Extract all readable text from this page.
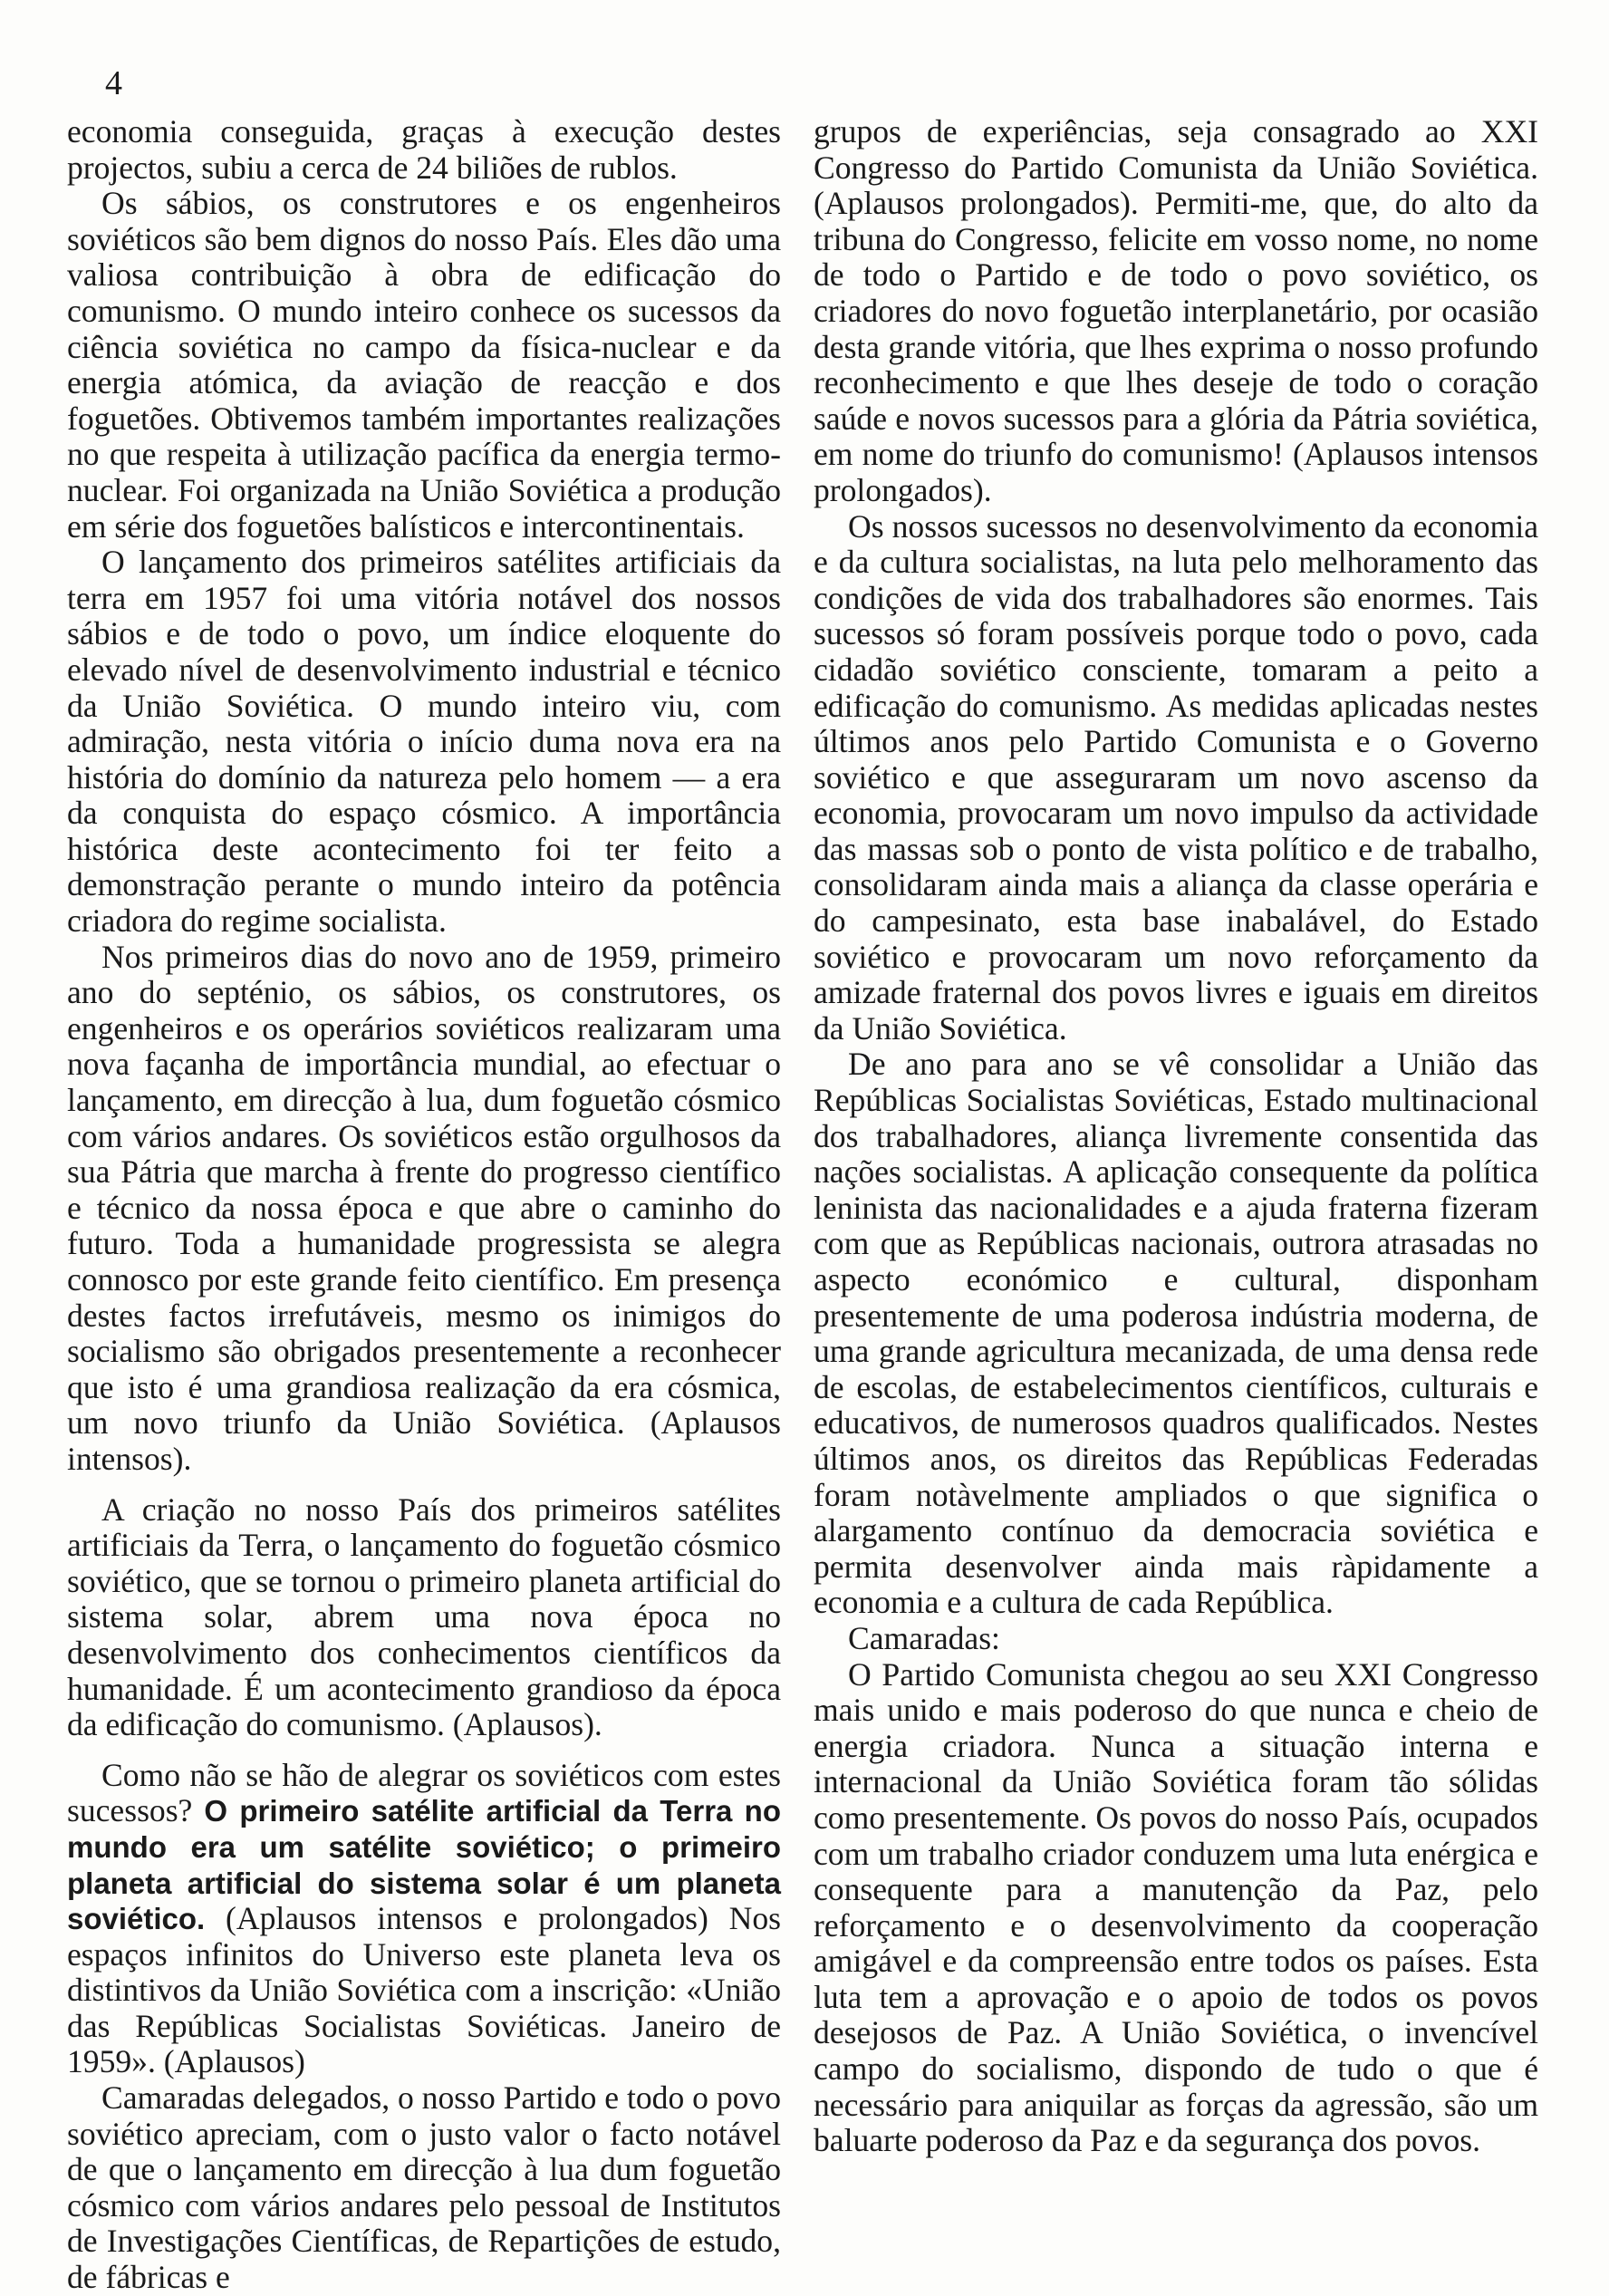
4

economia conseguida, graças à execução destes projectos, subiu a cerca de 24 biliões de rublos.

Os sábios, os construtores e os engenheiros soviéticos são bem dignos do nosso País. Eles dão uma valiosa contribuição à obra de edificação do comunismo. O mundo inteiro conhece os sucessos da ciência soviética no campo da física-nuclear e da energia atómica, da aviação de reacção e dos foguetões. Obtivemos também importantes realizações no que respeita à utilização pacífica da energia termo-nuclear. Foi organizada na União Soviética a produção em série dos foguetões balísticos e intercontinentais.

O lançamento dos primeiros satélites artificiais da terra em 1957 foi uma vitória notável dos nossos sábios e de todo o povo, um índice eloquente do elevado nível de desenvolvimento industrial e técnico da União Soviética. O mundo inteiro viu, com admiração, nesta vitória o início duma nova era na história do domínio da natureza pelo homem — a era da conquista do espaço cósmico. A importância histórica deste acontecimento foi ter feito a demonstração perante o mundo inteiro da potência criadora do regime socialista.

Nos primeiros dias do novo ano de 1959, primeiro ano do septénio, os sábios, os construtores, os engenheiros e os operários soviéticos realizaram uma nova façanha de importância mundial, ao efectuar o lançamento, em direcção à lua, dum foguetão cósmico com vários andares. Os soviéticos estão orgulhosos da sua Pátria que marcha à frente do progresso científico e técnico da nossa época e que abre o caminho do futuro. Toda a humanidade progressista se alegra connosco por este grande feito científico. Em presença destes factos irrefutáveis, mesmo os inimigos do socialismo são obrigados presentemente a reconhecer que isto é uma grandiosa realização da era cósmica, um novo triunfo da União Soviética. (Aplausos intensos).

A criação no nosso País dos primeiros satélites artificiais da Terra, o lançamento do foguetão cósmico soviético, que se tornou o primeiro planeta artificial do sistema solar, abrem uma nova época no desenvolvimento dos conhecimentos científicos da humanidade. É um acontecimento grandioso da época da edificação do comunismo. (Aplausos).

Como não se hão de alegrar os soviéticos com estes sucessos? O primeiro satélite artificial da Terra no mundo era um satélite soviético; o primeiro planeta artificial do sistema solar é um planeta soviético. (Aplausos intensos e prolongados) Nos espaços infinitos do Universo este planeta leva os distintivos da União Soviética com a inscrição: «União das Repúblicas Socialistas Soviéticas. Janeiro de 1959». (Aplausos)

Camaradas delegados, o nosso Partido e todo o povo soviético apreciam, com o justo valor o facto notável de que o lançamento em direcção à lua dum foguetão cósmico com vários andares pelo pessoal de Institutos de Investigações Científicas, de Repartições de estudo, de fábricas e

grupos de experiências, seja consagrado ao XXI Congresso do Partido Comunista da União Soviética. (Aplausos prolongados). Permiti-me, que, do alto da tribuna do Congresso, felicite em vosso nome, no nome de todo o Partido e de todo o povo soviético, os criadores do novo foguetão interplanetário, por ocasião desta grande vitória, que lhes exprima o nosso profundo reconhecimento e que lhes deseje de todo o coração saúde e novos sucessos para a glória da Pátria soviética, em nome do triunfo do comunismo! (Aplausos intensos prolongados).

Os nossos sucessos no desenvolvimento da economia e da cultura socialistas, na luta pelo melhoramento das condições de vida dos trabalhadores são enormes. Tais sucessos só foram possíveis porque todo o povo, cada cidadão soviético consciente, tomaram a peito a edificação do comunismo. As medidas aplicadas nestes últimos anos pelo Partido Comunista e o Governo soviético e que asseguraram um novo ascenso da economia, provocaram um novo impulso da actividade das massas sob o ponto de vista político e de trabalho, consolidaram ainda mais a aliança da classe operária e do campesinato, esta base inabalável, do Estado soviético e provocaram um novo reforçamento da amizade fraternal dos povos livres e iguais em direitos da União Soviética.

De ano para ano se vê consolidar a União das Repúblicas Socialistas Soviéticas, Estado multinacional dos trabalhadores, aliança livremente consentida das nações socialistas. A aplicação consequente da política leninista das nacionalidades e a ajuda fraterna fizeram com que as Repúblicas nacionais, outrora atrasadas no aspecto económico e cultural, disponham presentemente de uma poderosa indústria moderna, de uma grande agricultura mecanizada, de uma densa rede de escolas, de estabelecimentos científicos, culturais e educativos, de numerosos quadros qualificados. Nestes últimos anos, os direitos das Repúblicas Federadas foram notàvelmente ampliados o que significa o alargamento contínuo da democracia soviética e permita desenvolver ainda mais ràpidamente a economia e a cultura de cada República.

Camaradas:

O Partido Comunista chegou ao seu XXI Congresso mais unido e mais poderoso do que nunca e cheio de energia criadora. Nunca a situação interna e internacional da União Soviética foram tão sólidas como presentemente. Os povos do nosso País, ocupados com um trabalho criador conduzem uma luta enérgica e consequente para a manutenção da Paz, pelo reforçamento e o desenvolvimento da cooperação amigável e da compreensão entre todos os países. Esta luta tem a aprovação e o apoio de todos os povos desejosos de Paz. A União Soviética, o invencível campo do socialismo, dispondo de tudo o que é necessário para aniquilar as forças da agressão, são um baluarte poderoso da Paz e da segurança dos povos.
